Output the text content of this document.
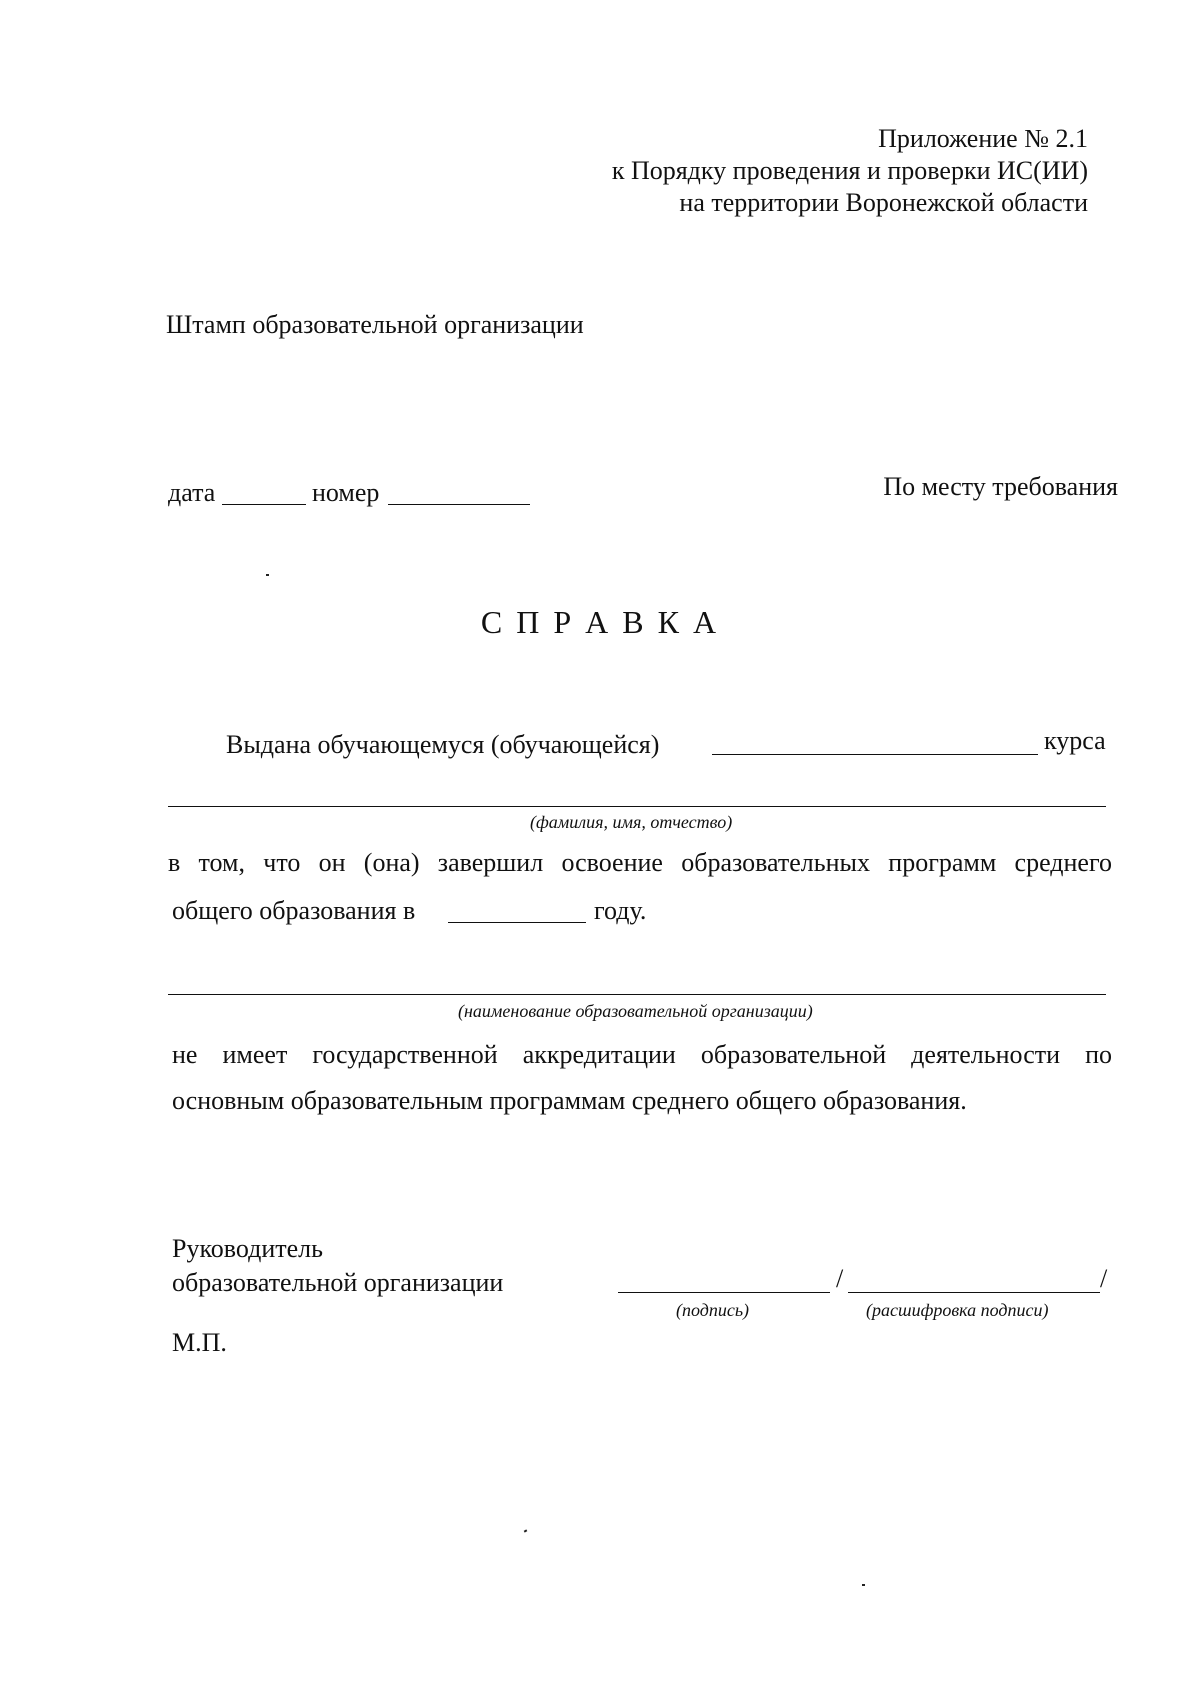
Приложение № 2.1
к Порядку проведения и проверки ИС(ИИ)
на территории Воронежской области
Штамп образовательной организации
дата	номер	По месту требования
С П Р А В К А
Выдана обучающемуся (обучающейся)	курса
(фамилия, имя, отчество)
в том, что он (она) завершил освоение образовательных программ среднего
общего образования в	году.
(наименование образовательной организации)
не имеет государственной аккредитации образовательной деятельности по
основным образовательным программам среднего общего образования.
Руководитель
образовательной организации	/	/
(подпись)	(расшифровка подписи)
М.П.
